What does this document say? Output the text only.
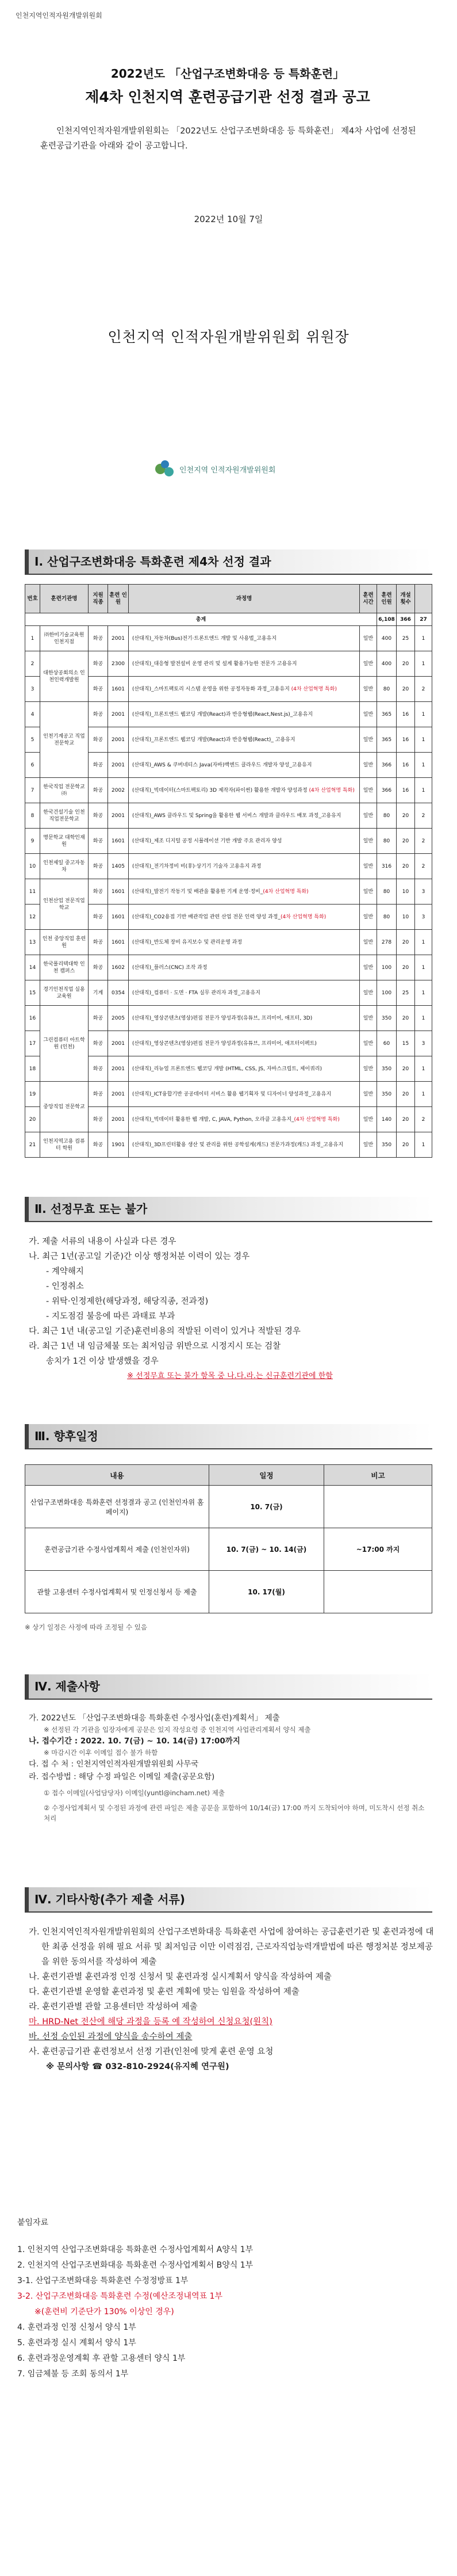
인천지역인적자원개발위원회
2022년도 「산업구조변화대응 등 특화훈련」
제4차 인천지역 훈련공급기관 선정 결과 공고
인천지역인적자원개발위원회는 「2022년도 산업구조변화대응 등 특화훈련」 제4차 사업에 선정된 훈련공급기관을 아래와 같이 공고합니다.
2022년 10월 7일
인천지역 인적자원개발위원회 위원장
인천지역 인적자원개발위원회
Ⅰ. 산업구조변화대응 특화훈련 제4차 선정 결과
번호	훈련기관명	지원 직종	훈련 인원	과정명	훈련 시간	훈련 인원	개설 횟수	
총계						6,108	366	27
1	㈜한미기술교육원 인천지점	화공	2001	(산대직)_자동차(Bus)전기·트론트엔드 개발 및 사용법_고용유지	일반	400	25	1
2	대한상공회의소 인천인력개발원	화공	2300	(산대직)_대응형 발전설비 운영 관리 및 설계 활용가능한 전문가 고용유지	일반	400	20	1
3		화공	1601	(산대직)_스마트팩토리 시스템 운영을 위한 공정자동화 과정_고용유지 (4차 산업혁명 특화)	일반	80	20	2
4	인천기계공고 직업전문학교	화공	2001	(산대직)_프론트엔드 웹코딩 개발(React)과 반응형웹(React,Nest.js)_고용유지	일반	365	16	1
5		화공	2001	(산대직)_프론트엔드 웹코딩 개발(React)과 반응형웹(React)_ 고용유지	일반	365	16	1
6		화공	2001	(산대직)_AWS & 쿠버네티스 Java(자바)백엔드 클라우드 개발자 양성_고용유지	일반	366	16	1
7	한국직업 전문학교㈜	화공	2002	(산대직)_빅데이터(스마트팩토리) 3D 제작자(파이썬) 활용한 개발자 양성과정 (4차 산업혁명 특화)	일반	366	16	1
8	한국건설기술 인천직업전문학교	화공	2001	(산대직)_AWS 클라우드 및 Spring을 활용한 웹 서비스 개발과 클라우드 배포 과정_고용유지	일반	80	20	2
9	명문학교 대학인재원	화공	1601	(산대직)_제조 디지털 공정 시뮬레이션 기반 개발 주요 관리자 양성	일반	80	20	2
10	인천제일 중고자동차	화공	1405	(산대직)_전기차정비 비(非)·상기기 기술자 고용유지 과정	일반	316	20	2
11	인천산업 전문직업학교	화공	1601	(산대직)_발전기 작동기 및 배관을 활용한 기계 운영·정비_(4차 산업혁명 특화)	일반	80	10	3
12		화공	1601	(산대직)_CO2용접 기반 배관작업 관련 산업 전문 인력 양성 과정_(4차 산업혁명 특화)	일반	80	10	3
13	인천 중앙직업 훈련원	화공	1601	(산대직)_반도체 장비 유지보수 및 관리운영 과정	일반	278	20	1
14	한국폴리텍대학 인천 캠퍼스	화공	1602	(산대직)_플러스(CNC) 조작 과정	일반	100	20	1
15	경기인천직업 실용교육원	기계	0354	(산대직)_컴퓨터 · 도면 · FTA 실무 관리자 과정_고용유지	일반	100	25	1
16	그린컴퓨터 아트학원 (인천)	화공	2005	(산대직)_영상콘텐츠(영상)편집 전문가 양성과정(유튜브, 프리미어, 애프터, 3D)	일반	350	20	1
17		화공	2001	(산대직)_영상콘텐츠(영상)편집 전문가 양성과정(유튜브, 프리미어, 애프터이펙트)	일반	60	15	3
18		화공	2001	(산대직)_리뉴얼 프론트엔드 웹코딩 개발 (HTML, CSS, JS, 자바스크립트, 제이쿼리)	일반	350	20	1
19	중앙직업 전문학교	화공	2001	(산대직)_ICT융합기반 공공데이터 서비스 활용 웹기획자 및 디자이너 양성과정_고용유지	일반	350	20	1
20		화공	2001	(산대직)_빅데이터 활용한 웹 개발, C, JAVA, Python, 오라클 고용유지_(4차 산업혁명 특화)	일반	140	20	2
21	인천지역고용 컴퓨터 학원	화공	1901	(산대직)_3D프린터활용 생산 및 관리를 위한 공학설계(캐드) 전문가과정(캐드) 과정_고용유지	일반	350	20	1
Ⅱ. 선정무효 또는 불가
가. 제출 서류의 내용이 사실과 다른 경우
나. 최근 1년(공고일 기준)간 이상 행정처분 이력이 있는 경우
- 계약해지
- 인정취소
- 위탁·인정제한(해당과정, 해당직종, 전과정)
- 지도점검 불응에 따른 과태료 부과
다. 최근 1년 내(공고일 기준)훈련비용의 적발된 이력이 있거나 적발된 경우
라. 최근 1년 내 임금체불 또는 최저임금 위반으로 시정지시 또는 검찰
송치가 1건 이상 발생했을 경우
※ 선정무효 또는 불가 항목 중 나.다.라.는 신규훈련기관에 한함
Ⅲ. 향후일정
내용	일정	비고
산업구조변화대응 특화훈련 선정결과 공고 (인천인자위 홈페이지)	10. 7(금)	
훈련공급기관 수정사업계획서 제출 (인천인자위)	10. 7(금) ~ 10. 14(금)	~17:00 까지
관할 고용센터 수정사업계획서 및 인정신청서 등 제출	10. 17(월)	
※ 상기 일정은 사정에 따라 조정될 수 있음
Ⅳ. 제출사항
가. 2022년도 「산업구조변화대응 특화훈련 수정사업(훈련)계획서」 제출
※ 선정된 각 기관을 입장자에게 공문은 있지 작성요령 중 인천지역 사업관리계획서 양식 제출
나. 접수기간 : 2022. 10. 7(금) ~ 10. 14(금) 17:00까지
※ 마감시간 이후 이메일 접수 불가 하함
다. 접 수 처 : 인천지역인적자원개발위원회 사무국
라. 접수방법 : 해당 수정 파일은 이메일 제출(공문요함)
① 접수 이메일(사업담당자) 이메일(yuntl@incham.net) 제출
② 수정사업계획서 및 수정된 과정에 관련 파일은 제출 공문을 포함하여 10/14(금) 17:00 까지 도착되어야 하며, 미도착시 선정 취소 처리
Ⅳ. 기타사항(추가 제출 서류)
가. 인천지역인적자원개발위원회의 산업구조변화대응 특화훈련 사업에 참여하는 공급훈련기관 및 훈련과정에 대한 최종 선정을 위해 필요 서류 및 최저임금 이만 이력점검, 근로자직업능력개발법에 따른 행정처분 정보제공을 위한 동의서를 작성하여 제출
나. 훈련기관별 훈련과정 인정 신청서 및 훈련과정 실시계획서 양식을 작성하여 제출
다. 훈련기관별 운영할 훈련과정 및 훈련 계획에 맞는 임원을 작성하여 제출
라. 훈련기관별 관할 고용센터만 작성하여 제출
마. HRD-Net 전산에 해당 과정을 등록 예 작성하여 신청요청(원칙)
바. 선정 승인된 과정에 양식을 송수하여 제출
사. 훈련공급기관 훈련정보서 선정 기관(인천에 맞게 훈련 운영 요청
※ 문의사항 ☎ 032-810-2924(유지혜 연구원)
붙임자료
1. 인천지역 산업구조변화대응 특화훈련 수정사업계획서 A양식 1부
2. 인천지역 산업구조변화대응 특화훈련 수정사업계획서 B양식 1부
3-1. 산업구조변화대응 특화훈련 수정정방표 1부
3-2. 산업구조변화대응 특화훈련 수정(예산조정내역표 1부
※(훈련비 기준단가 130% 이상인 경우)
4. 훈련과정 인정 신청서 양식 1부
5. 훈련과정 실시 계획서 양식 1부
6. 훈련과정운영계획 후 관할 고용센터 양식 1부
7. 임금체불 등 조회 동의서 1부
